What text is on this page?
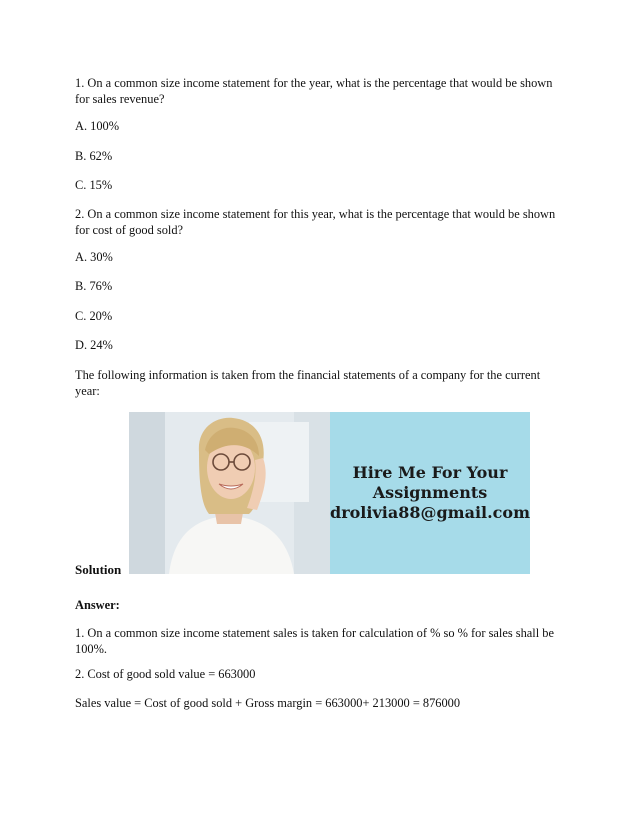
1. On a common size income statement for the year, what is the percentage that would be shown for sales revenue?

A. 100%

B. 62%

C. 15%

2. On a common size income statement for this year, what is the percentage that would be shown for cost of good sold?

A. 30%

B. 76%

C. 20%

D. 24%

The following information is taken from the financial statements of a company for the current year:

Solution
Hire Me For Your
Assignments
drolivia88@gmail.com

Answer:

1. On a common size income statement sales is taken for calculation of % so % for sales shall be 100%.

2. Cost of good sold value = 663000

Sales value = Cost of good sold + Gross margin = 663000+ 213000 = 876000
